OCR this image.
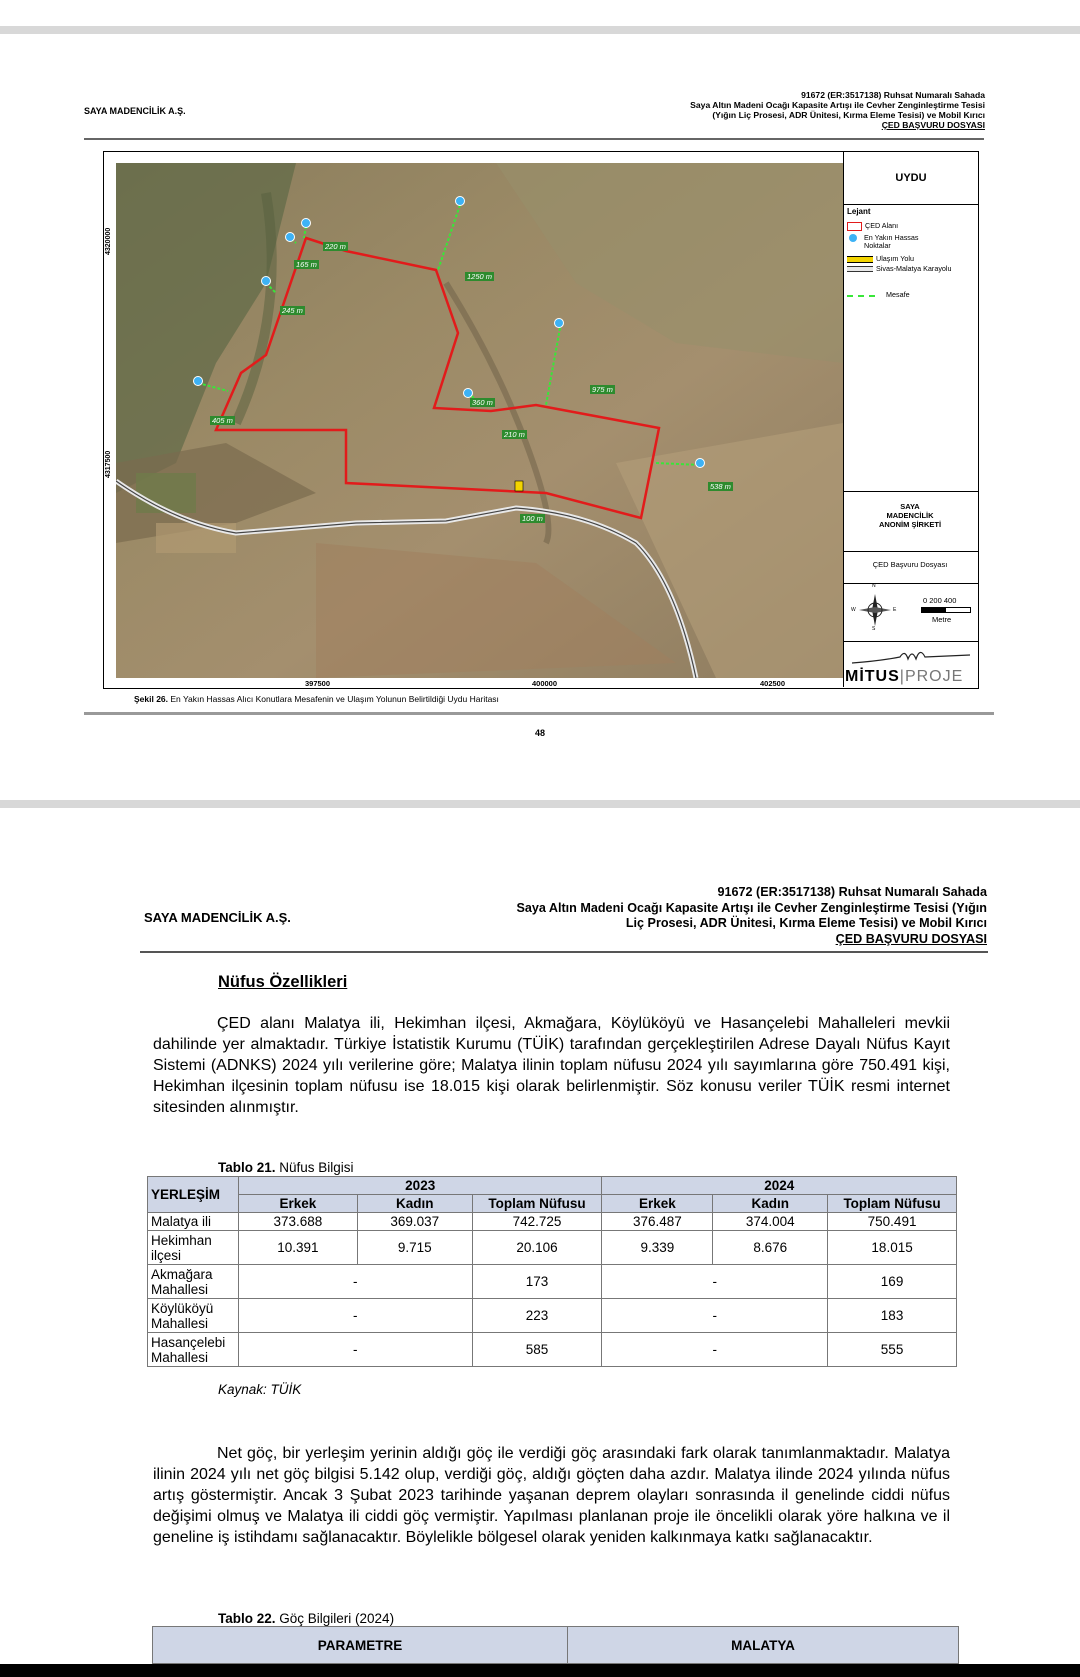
SAYA MADENCİLİK A.Ş.
91672 (ER:3517138) Ruhsat Numaralı Sahada
Saya Altın Madeni Ocağı Kapasite Artışı ile Cevher Zenginleştirme Tesisi
(Yığın Liç Prosesi, ADR Ünitesi, Kırma Eleme Tesisi) ve Mobil Kırıcı
ÇED BAŞVURU DOSYASI
220 m
165 m
245 m
405 m
1250 m
975 m
360 m
210 m
538 m
100 m
4320000
4317500
397500	400000	402500
UYDU
Lejant
ÇED Alanı
En Yakın Hassas Noktalar
Ulaşım Yolu
Sivas-Malatya Karayolu
Mesafe
SAYA
MADENCİLİK
ANONİM ŞİRKETİ
ÇED Başvuru Dosyası
N
S
W	E
0 200 400
Metre
MİTUS|PROJE
Şekil 26. En Yakın Hassas Alıcı Konutlara Mesafenin ve Ulaşım Yolunun Belirtildiği Uydu Haritası
48
SAYA MADENCİLİK A.Ş.
91672 (ER:3517138) Ruhsat Numaralı Sahada
Saya Altın Madeni Ocağı Kapasite Artışı ile Cevher Zenginleştirme Tesisi (Yığın
Liç Prosesi, ADR Ünitesi, Kırma Eleme Tesisi) ve Mobil Kırıcı
ÇED BAŞVURU DOSYASI
Nüfus Özellikleri

ÇED alanı Malatya ili, Hekimhan ilçesi, Akmağara, Köylüköyü ve Hasançelebi Mahalleleri mevkii dahilinde yer almaktadır. Türkiye İstatistik Kurumu (TÜİK) tarafından gerçekleştirilen Adrese Dayalı Nüfus Kayıt Sistemi (ADNKS) 2024 yılı verilerine göre; Malatya ilinin toplam nüfusu 2024 yılı sayımlarına göre 750.491 kişi, Hekimhan ilçesinin toplam nüfusu ise 18.015 kişi olarak belirlenmiştir. Söz konusu veriler TÜİK resmi internet sitesinden alınmıştır.

Tablo 21. Nüfus Bilgisi
YERLEŞİM	2023			2024		
	Erkek	Kadın	Toplam Nüfusu	Erkek	Kadın	Toplam Nüfusu
Malatya ili	373.688	369.037	742.725	376.487	374.004	750.491
Hekimhan ilçesi	10.391	9.715	20.106	9.339	8.676	18.015
Akmağara Mahallesi	-		173	-		169
Köylüköyü Mahallesi	-		223	-		183
Hasançelebi Mahallesi	-		585	-		555
Kaynak: TÜİK

Net göç, bir yerleşim yerinin aldığı göç ile verdiği göç arasındaki fark olarak tanımlanmaktadır. Malatya ilinin 2024 yılı net göç bilgisi 5.142 olup, verdiği göç, aldığı göçten daha azdır. Malatya ilinde 2024 yılında nüfus artış göstermiştir. Ancak 3 Şubat 2023 tarihinde yaşanan deprem olayları sonrasında il genelinde ciddi nüfus değişimi olmuş ve Malatya ili ciddi göç vermiştir. Yapılması planlanan proje ile öncelikli olarak yöre halkına ve il geneline iş istihdamı sağlanacaktır. Böylelikle bölgesel olarak yeniden kalkınmaya katkı sağlanacaktır.

Tablo 22. Göç Bilgileri (2024)
PARAMETRE	MALATYA
